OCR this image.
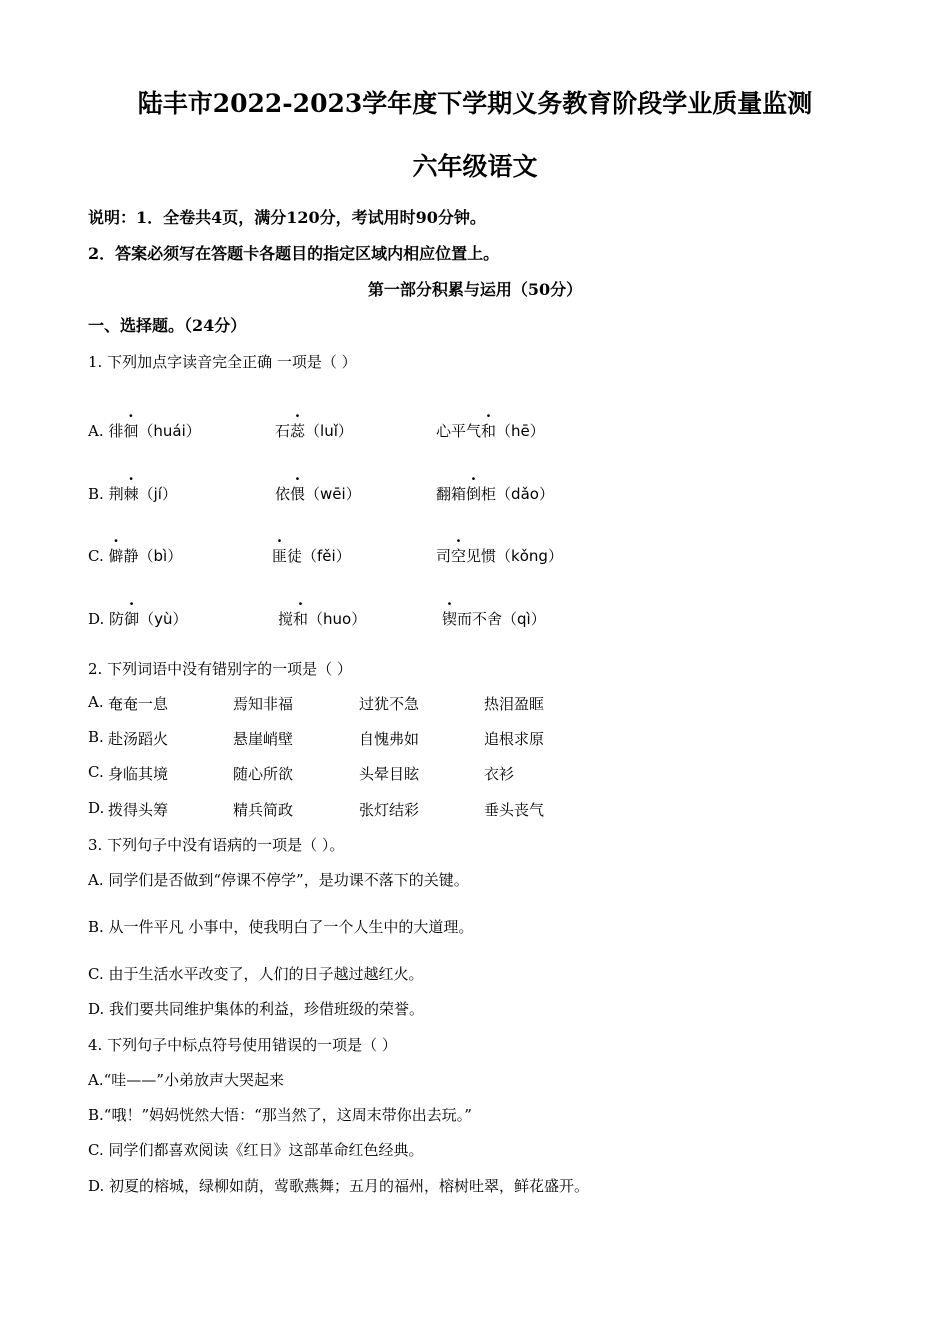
陆丰市2022-2023学年度下学期义务教育阶段学业质量监测
六年级语文
说明：1．全卷共4页，满分120分，考试用时90分钟。
2．答案必须写在答题卡各题目的指定区域内相应位置上。
第一部分积累与运用（50分）
一、选择题。（24分）
1. 下列加点字读音完全正确 一项是（ ）
A. 徘徊（huái）	石蕊（luǐ）	心平气和（hē）
B. 荆棘（jí）	依偎（wēi）	翻箱倒柜（dǎo）
C. 僻静（bì）	匪徒（fěi）	司空见惯（kǒng）
D. 防御（yù）	搅和（huo）	锲而不舍（qì）
2. 下列词语中没有错别字的一项是（ ）
A. 奄奄一息	焉知非福	过犹不急	热泪盈眶
B. 赴汤蹈火	悬崖峭壁	自愧弗如	追根求原
C. 身临其境	随心所欲	头晕目眩	衣衫
D. 拨得头筹	精兵简政	张灯结彩	垂头丧气
3. 下列句子中没有语病的一项是（ ）。
A. 同学们是否做到“停课不停学”，是功课不落下的关键。
B. 从一件平凡 小事中，使我明白了一个人生中的大道理。
C. 由于生活水平改变了，人们的日子越过越红火。
D. 我们要共同维护集体的利益，珍借班级的荣誉。
4. 下列句子中标点符号使用错误的一项是（ ）
A.“哇——”小弟放声大哭起来
B.“哦！”妈妈恍然大悟：“那当然了，这周末带你出去玩。”
C. 同学们都喜欢阅读《红日》这部革命红色经典。
D. 初夏的榕城，绿柳如荫，莺歌燕舞；五月的福州，榕树吐翠，鲜花盛开。
